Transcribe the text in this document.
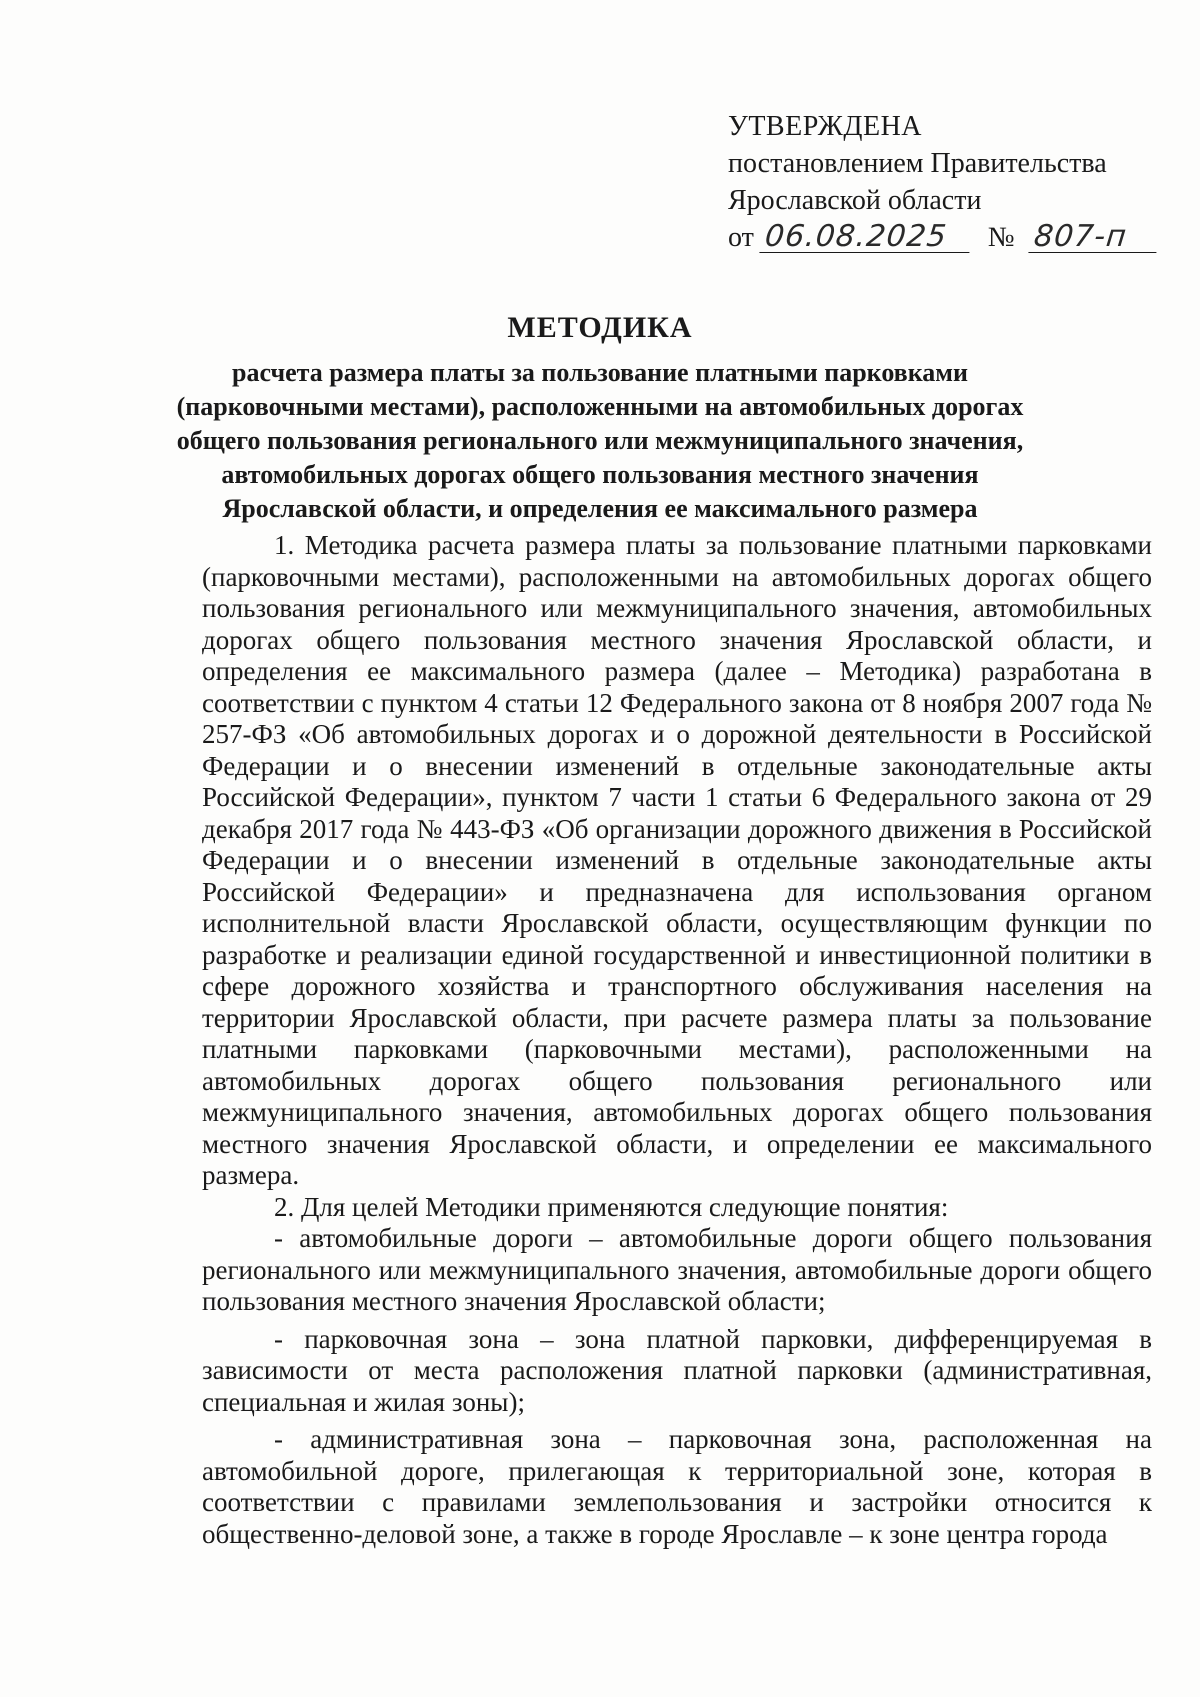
УТВЕРЖДЕНА
постановлением Правительства
Ярославской области
от 06.08.2025 № 807-п
МЕТОДИКА
расчета размера платы за пользование платными парковками
(парковочными местами), расположенными на автомобильных дорогах
общего пользования регионального или межмуниципального значения,
автомобильных дорогах общего пользования местного значения
Ярославской области, и определения ее максимального размера

1. Методика расчета размера платы за пользование платными парковками (парковочными местами), расположенными на автомобильных дорогах общего пользования регионального или межмуниципального значения, автомобильных дорогах общего пользования местного значения Ярославской области, и определения ее максимального размера (далее – Методика) разработана в соответствии с пунктом 4 статьи 12 Федерального закона от 8 ноября 2007 года № 257-ФЗ «Об автомобильных дорогах и о дорожной деятельности в Российской Федерации и о внесении изменений в отдельные законодательные акты Российской Федерации», пунктом 7 части 1 статьи 6 Федерального закона от 29 декабря 2017 года № 443-ФЗ «Об организации дорожного движения в Российской Федерации и о внесении изменений в отдельные законодательные акты Российской Федерации» и предназначена для использования органом исполнительной власти Ярославской области, осуществляющим функции по разработке и реализации единой государственной и инвестиционной политики в сфере дорожного хозяйства и транспортного обслуживания населения на территории Ярославской области, при расчете размера платы за пользование платными парковками (парковочными местами), расположенными на автомобильных дорогах общего пользования регионального или межмуниципального значения, автомобильных дорогах общего пользования местного значения Ярославской области, и определении ее максимального размера.

2. Для целей Методики применяются следующие понятия:

- автомобильные дороги – автомобильные дороги общего пользования регионального или межмуниципального значения, автомобильные дороги общего пользования местного значения Ярославской области;

- парковочная зона – зона платной парковки, дифференцируемая в зависимости от места расположения платной парковки (административная, специальная и жилая зоны);

- административная зона – парковочная зона, расположенная на автомобильной дороге, прилегающая к территориальной зоне, которая в соответствии с правилами землепользования и застройки относится к общественно-деловой зоне, а также в городе Ярославле – к зоне центра города
